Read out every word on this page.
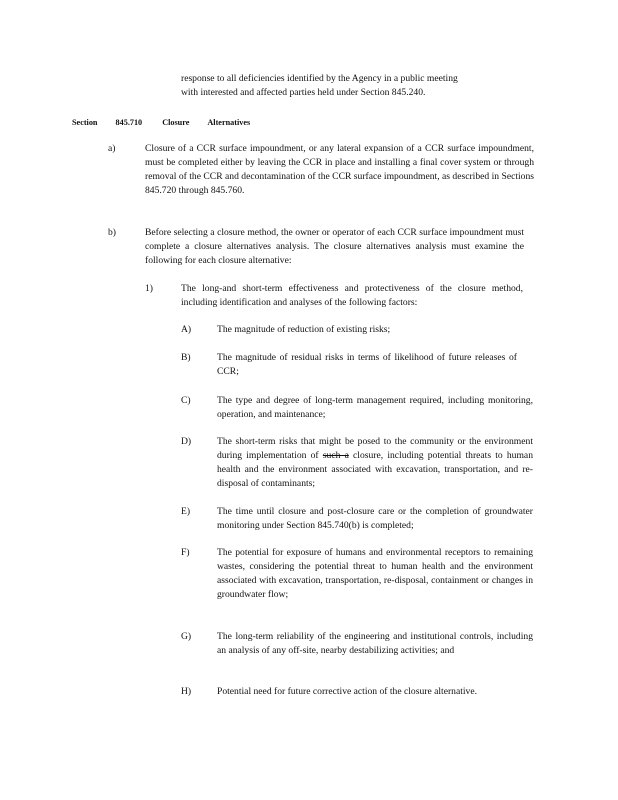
response to all deficiencies identified by the Agency in a public meeting

with interested and affected parties held under Section 845.240.

Section 845.710 Closure Alternatives
a)	Closure of a CCR surface impoundment, or any lateral expansion of a CCR surface impoundment, must be completed either by leaving the CCR in place and installing a final cover system or through removal of the CCR and decontamination of the CCR surface impoundment, as described in Sections 845.720 through 845.760.
b)	Before selecting a closure method, the owner or operator of each CCR surface impoundment must complete a closure alternatives analysis. The closure alternatives analysis must examine the following for each closure alternative:
1)	The long-and short-term effectiveness and protectiveness of the closure method, including identification and analyses of the following factors:
A)	The magnitude of reduction of existing risks;
B)	The magnitude of residual risks in terms of likelihood of future releases of CCR;
C)	The type and degree of long-term management required, including monitoring, operation, and maintenance;
D)	The short-term risks that might be posed to the community or the environment during implementation of such a closure, including potential threats to human health and the environment associated with excavation, transportation, and re-disposal of contaminants;
E)	The time until closure and post-closure care or the completion of groundwater monitoring under Section 845.740(b) is completed;
F)	The potential for exposure of humans and environmental receptors to remaining wastes, considering the potential threat to human health and the environment associated with excavation, transportation, re-disposal, containment or changes in groundwater flow;
G)	The long-term reliability of the engineering and institutional controls, including an analysis of any off-site, nearby destabilizing activities; and
H)	Potential need for future corrective action of the closure alternative.
